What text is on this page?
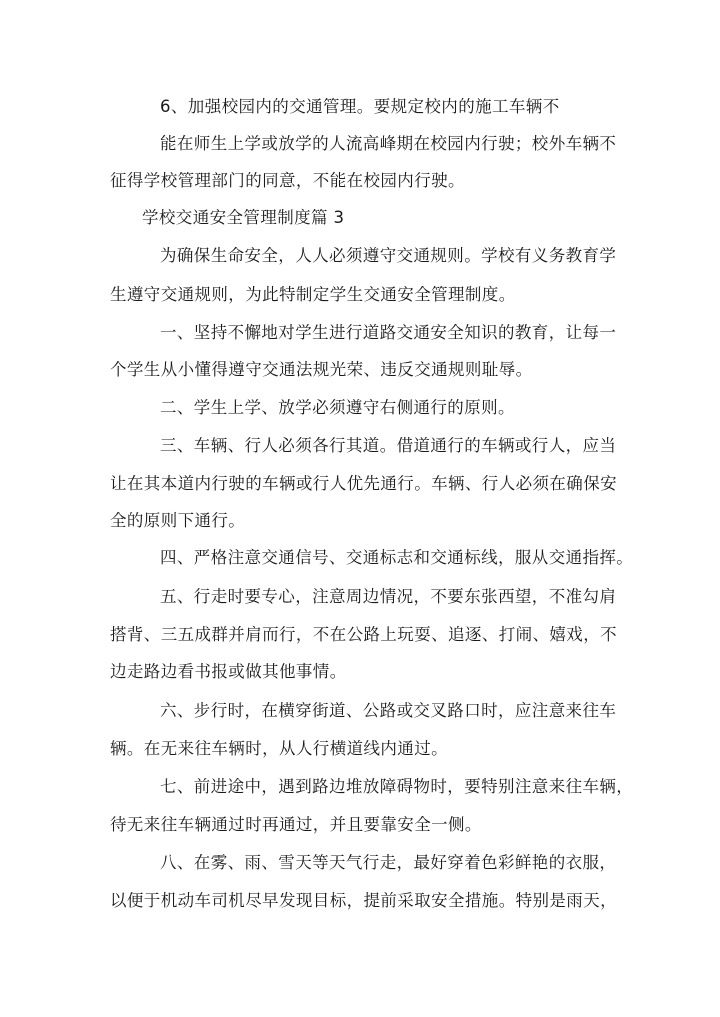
6、加强校园内的交通管理。要规定校内的施工车辆不
能在师生上学或放学的人流高峰期在校园内行驶；校外车辆不
征得学校管理部门的同意，不能在校园内行驶。
学校交通安全管理制度篇 3
为确保生命安全，人人必须遵守交通规则。学校有义务教育学
生遵守交通规则，为此特制定学生交通安全管理制度。
一、坚持不懈地对学生进行道路交通安全知识的教育，让每一
个学生从小懂得遵守交通法规光荣、违反交通规则耻辱。
二、学生上学、放学必须遵守右侧通行的原则。
三、车辆、行人必须各行其道。借道通行的车辆或行人，应当
让在其本道内行驶的车辆或行人优先通行。车辆、行人必须在确保安
全的原则下通行。
四、严格注意交通信号、交通标志和交通标线，服从交通指挥。
五、行走时要专心，注意周边情况，不要东张西望，不准勾肩
搭背、三五成群并肩而行，不在公路上玩耍、追逐、打闹、嬉戏，不
边走路边看书报或做其他事情。
六、步行时，在横穿街道、公路或交叉路口时，应注意来往车
辆。在无来往车辆时，从人行横道线内通过。
七、前进途中，遇到路边堆放障碍物时，要特别注意来往车辆，
待无来往车辆通过时再通过，并且要靠安全一侧。
八、在雾、雨、雪天等天气行走，最好穿着色彩鲜艳的衣服，
以便于机动车司机尽早发现目标，提前采取安全措施。特别是雨天，
